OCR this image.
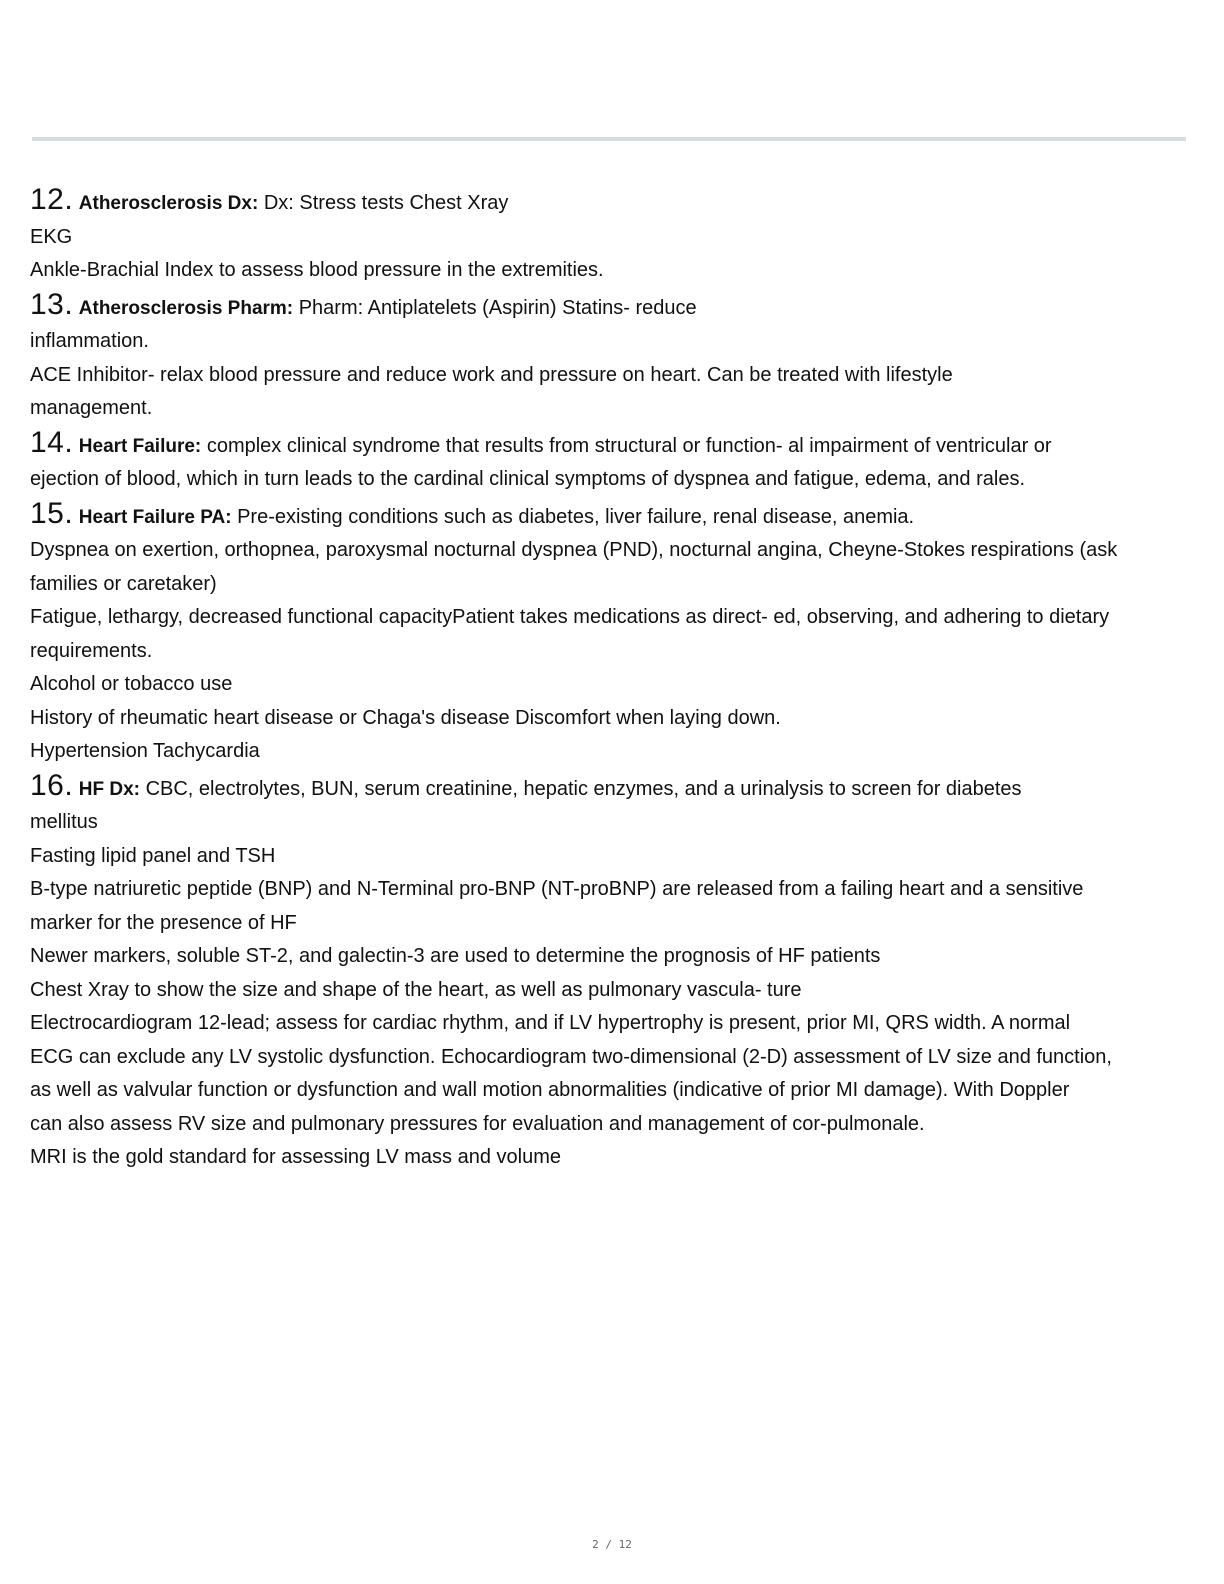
12. Atherosclerosis Dx: Dx: Stress tests Chest Xray
EKG
Ankle-Brachial Index to assess blood pressure in the extremities.
13. Atherosclerosis Pharm: Pharm: Antiplatelets (Aspirin) Statins- reduce
inflammation.
ACE Inhibitor- relax blood pressure and reduce work and pressure on heart. Can be treated with lifestyle
management.
14. Heart Failure: complex clinical syndrome that results from structural or function- al impairment of ventricular or
ejection of blood, which in turn leads to the cardinal clinical symptoms of dyspnea and fatigue, edema, and rales.
15. Heart Failure PA: Pre-existing conditions such as diabetes, liver failure, renal disease, anemia.
Dyspnea on exertion, orthopnea, paroxysmal nocturnal dyspnea (PND), nocturnal angina, Cheyne-Stokes respirations (ask
families or caretaker)
Fatigue, lethargy, decreased functional capacityPatient takes medications as direct- ed, observing, and adhering to dietary
requirements.
Alcohol or tobacco use
History of rheumatic heart disease or Chaga's disease Discomfort when laying down.
Hypertension Tachycardia
16. HF Dx: CBC, electrolytes, BUN, serum creatinine, hepatic enzymes, and a urinalysis to screen for diabetes
mellitus
Fasting lipid panel and TSH
B-type natriuretic peptide (BNP) and N-Terminal pro-BNP (NT-proBNP) are released from a failing heart and a sensitive
marker for the presence of HF
Newer markers, soluble ST-2, and galectin-3 are used to determine the prognosis of HF patients
Chest Xray to show the size and shape of the heart, as well as pulmonary vascula- ture
Electrocardiogram 12-lead; assess for cardiac rhythm, and if LV hypertrophy is present, prior MI, QRS width. A normal
ECG can exclude any LV systolic dysfunction. Echocardiogram two-dimensional (2-D) assessment of LV size and function,
as well as valvular function or dysfunction and wall motion abnormalities (indicative of prior MI damage). With Doppler
can also assess RV size and pulmonary pressures for evaluation and management of cor-pulmonale.
MRI is the gold standard for assessing LV mass and volume
2 / 12
